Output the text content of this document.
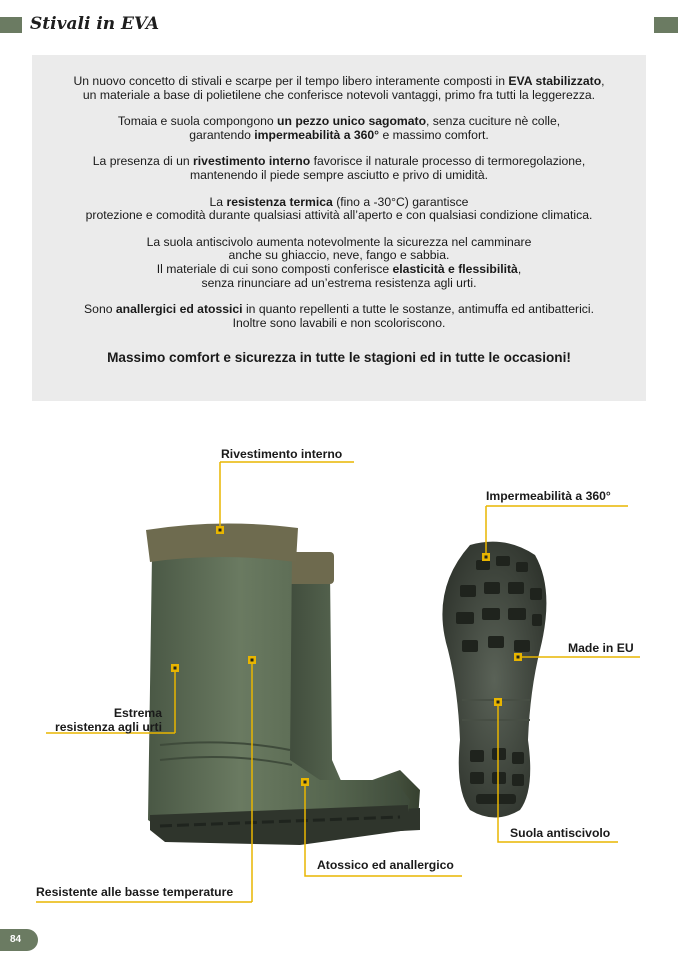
Stivali in EVA

Un nuovo concetto di stivali e scarpe per il tempo libero interamente composti in EVA stabilizzato,
un materiale a base di polietilene che conferisce notevoli vantaggi, primo fra tutti la leggerezza.

Tomaia e suola compongono un pezzo unico sagomato, senza cuciture nè colle,
garantendo impermeabilità a 360° e massimo comfort.

La presenza di un rivestimento interno favorisce il naturale processo di termoregolazione,
mantenendo il piede sempre asciutto e privo di umidità.

La resistenza termica (fino a -30°C) garantisce
protezione e comodità durante qualsiasi attività all’aperto e con qualsiasi condizione climatica.

La suola antiscivolo aumenta notevolmente la sicurezza nel camminare
anche su ghiaccio, neve, fango e sabbia.
Il materiale di cui sono composti conferisce elasticità e flessibilità,
senza rinunciare ad un’estrema resistenza agli urti.

Sono anallergici ed atossici in quanto repellenti a tutte le sostanze, antimuffa ed antibatterici.
Inoltre sono lavabili e non scoloriscono.

Massimo comfort e sicurezza in tutte le stagioni ed in tutte le occasioni!

Rivestimento interno
Impermeabilità a 360°
Made in EU
Estrema
resistenza agli urti
Suola antiscivolo
Atossico ed anallergico
Resistente alle basse temperature
84
